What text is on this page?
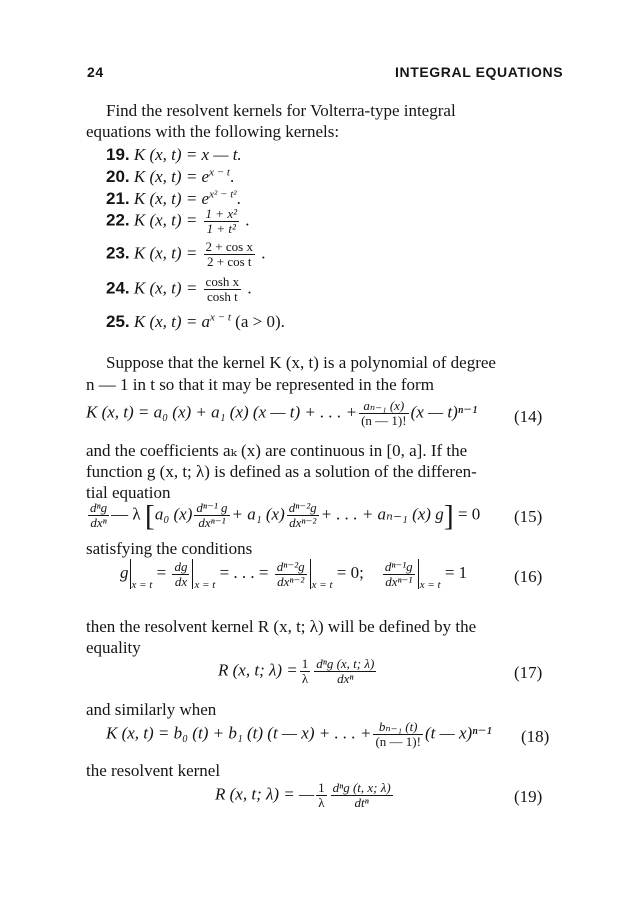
24	INTEGRAL EQUATIONS
Find the resolvent kernels for Volterra-type integral
equations with the following kernels:
19. K (x, t) = x — t.
20. K (x, $t) = e^{x - t}$.
21. K (x, $t) = e^{x^2 - t^2}$.
22. K (x, $t) = \frac{\text{1 + x²}}{\text{1 + t²}}$ .
23. K (x, $t) = \frac{\text{2 + cos x}}{\text{2 + cos t}}$ .
24. K (x, $t) = \frac{\text{cosh x}}{\text{cosh t}}$ .
25. K (x, $t) = a^{x - t}$ (a > 0).
Suppose that the kernel K (x, t) is a polynomial of degree
n — 1 in t so that it may be represented in the form
K (x, t) = a₀ (x) + a₁ (x) (x — t) + . . . + $\frac{\text{aₙ₋₁ (x)}}{(n — 1)!} (x$ — t)ⁿ⁻¹ (14)
and the coefficients aₖ (x) are continuous in [0, a]. If the
function g (x, t; λ) is defined as a solution of the differen-
tial equation
$\frac{\text{dⁿg}}{\text{dxⁿ}}$ — λ [a₀ $(x) \frac{\text{dⁿ⁻¹ g}}{\text{dxⁿ⁻¹}} + a_1$ $(x) \frac{\text{dⁿ⁻²g}}{\text{dxⁿ⁻²}}$ + . . . + aₙ₋₁ (x) g] = 0 (15)
satisfying the conditions
$g_{x = t} = \frac{dg}{dx} _{x = t}$ = . . . = $\frac{\text{dⁿ⁻²g}}{\text{dxⁿ⁻²}} _{x = t} = 0$; $\frac{\text{dⁿ⁻¹g}}{\text{dxⁿ⁻¹}} _{x = t} = 1$	(16)
then the resolvent kernel R (x, t; λ) will be defined by the
equality
R (x, t; $\lambda) = \frac{1}{\lambda} \frac{\text{dⁿg (x, t; λ)}}{\text{dxⁿ}}$	(17)
and similarly when
K (x, t) = b₀ (t) + b₁ (t) (t — x) + . . . + $\frac{\text{bₙ₋₁ (t)}}{(n — 1)!} (t$ — x)ⁿ⁻¹ (18)
the resolvent kernel
R (x, t; λ) = — $\frac{1}{\lambda} \frac{\text{dⁿg (t, x; λ)}}{\text{dtⁿ}}$	(19)
